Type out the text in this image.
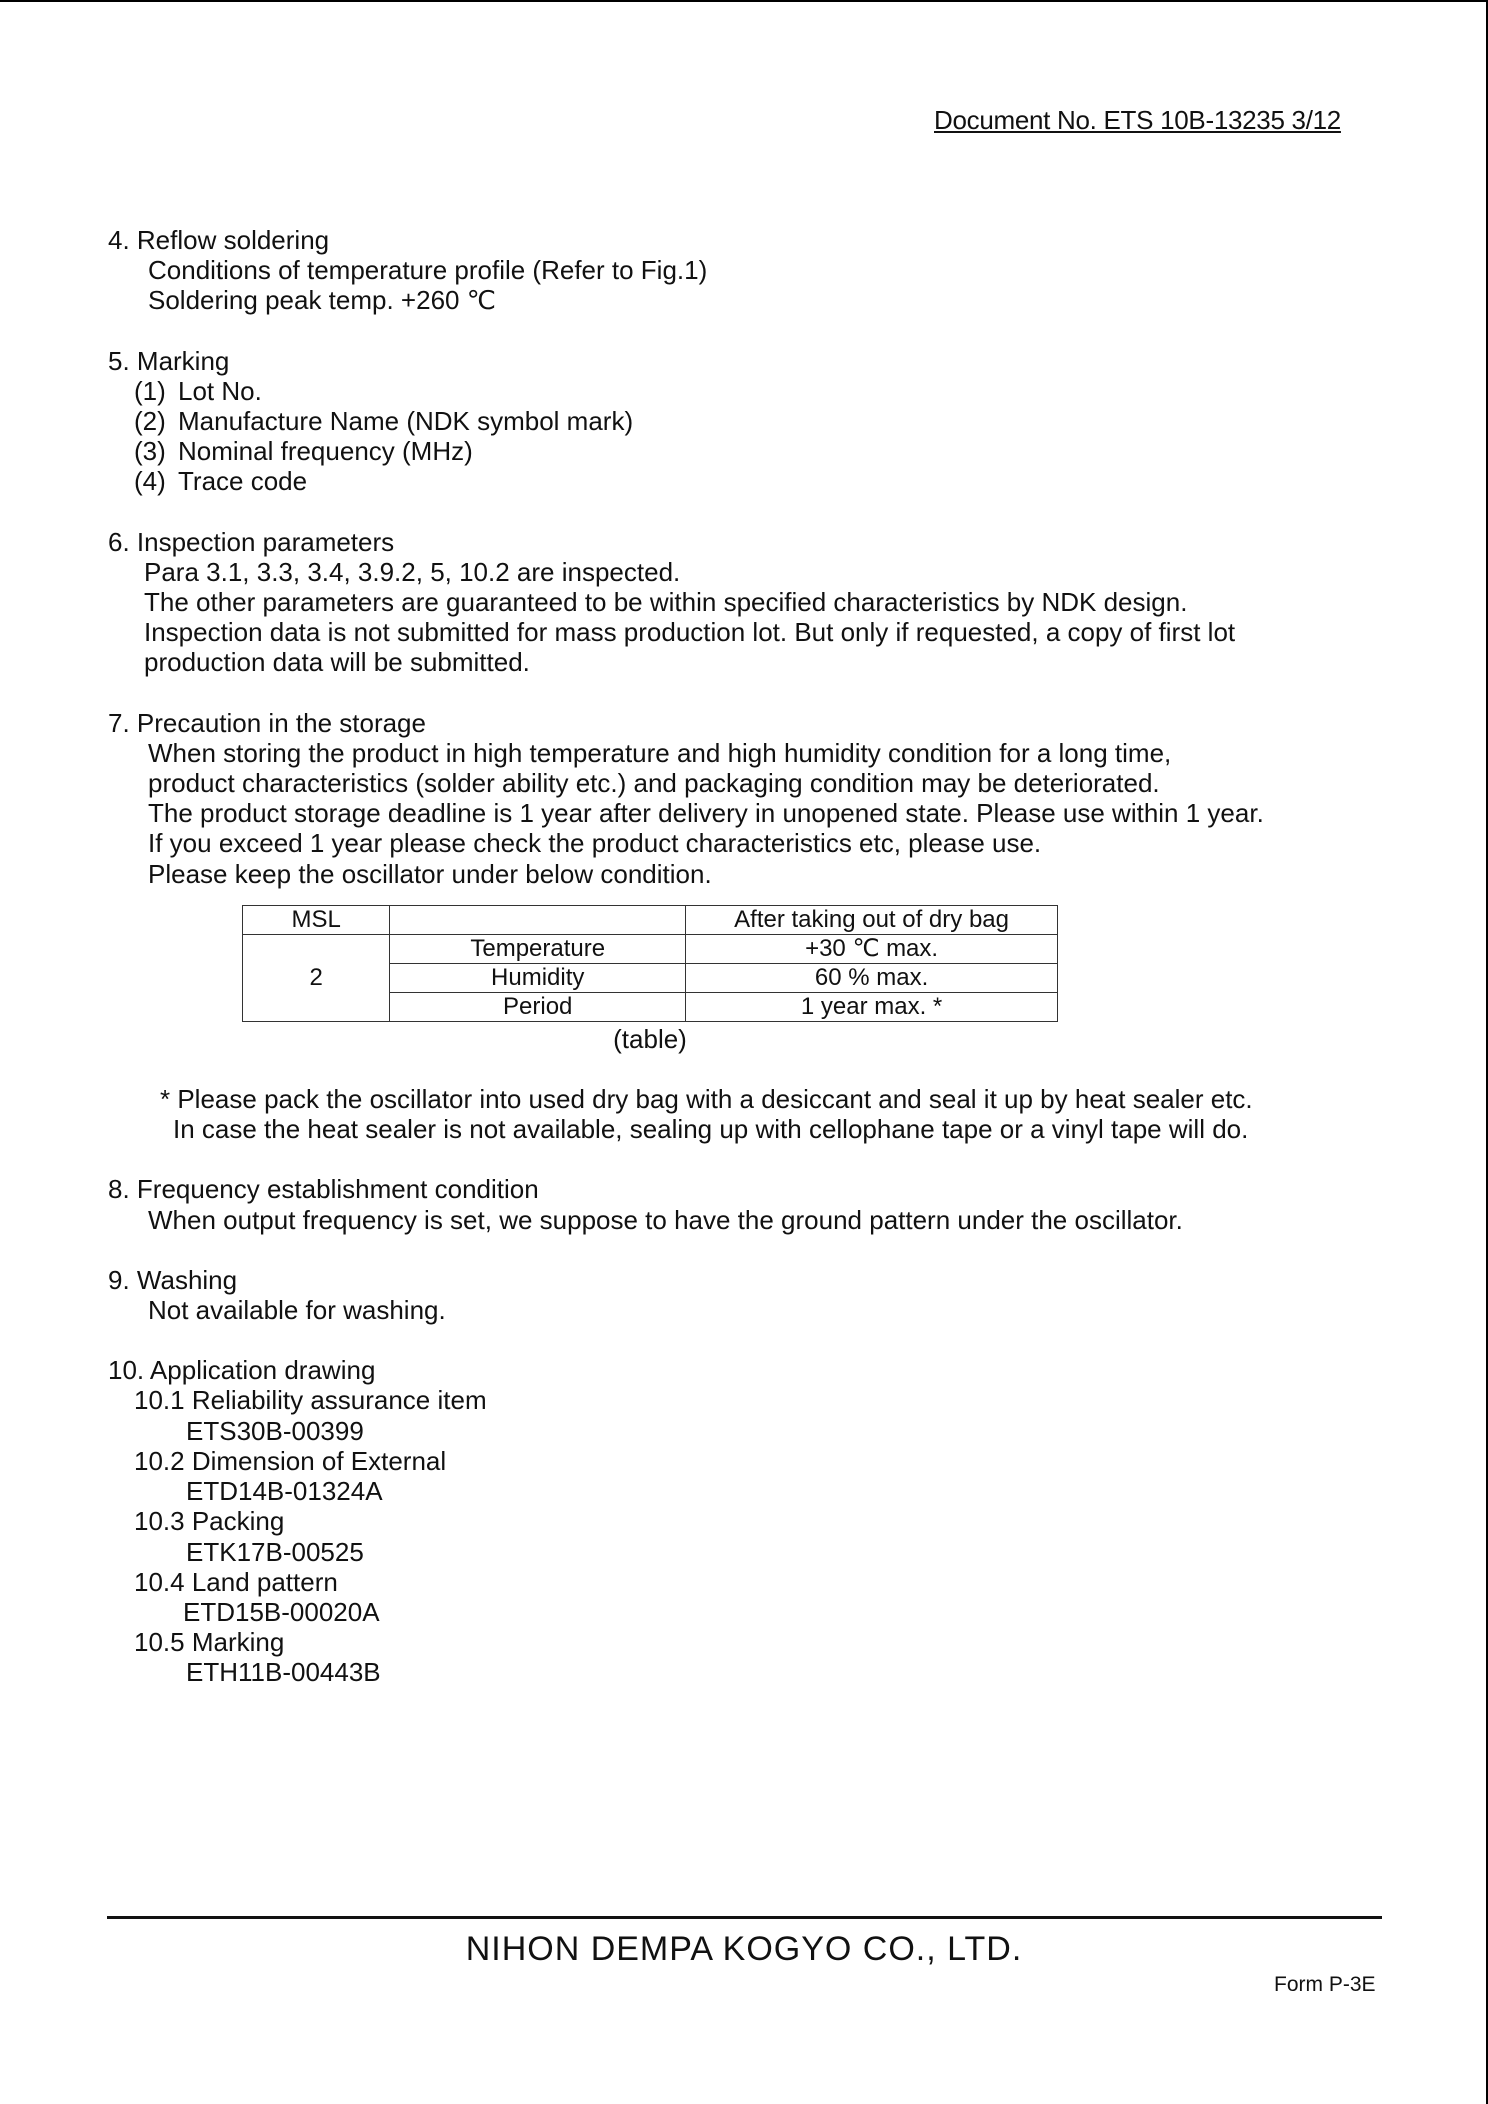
Document No. ETS 10B-13235 3/12
4. Reflow soldering
Conditions of temperature profile (Refer to Fig.1)
Soldering peak temp. +260 ℃
5. Marking
(1) Lot No.
(2) Manufacture Name (NDK symbol mark)
(3) Nominal frequency (MHz)
(4) Trace code
6. Inspection parameters
Para 3.1, 3.3, 3.4, 3.9.2, 5, 10.2 are inspected.
The other parameters are guaranteed to be within specified characteristics by NDK design.
Inspection data is not submitted for mass production lot. But only if requested, a copy of first lot
production data will be submitted.
7. Precaution in the storage
When storing the product in high temperature and high humidity condition for a long time,
product characteristics (solder ability etc.) and packaging condition may be deteriorated.
The product storage deadline is 1 year after delivery in unopened state. Please use within 1 year.
If you exceed 1 year please check the product characteristics etc, please use.
Please keep the oscillator under below condition.
MSL		After taking out of dry bag
2	Temperature	+30 ℃ max.
	Humidity	60 % max.
	Period	1 year max. *
(table)
* Please pack the oscillator into used dry bag with a desiccant and seal it up by heat sealer etc.
In case the heat sealer is not available, sealing up with cellophane tape or a vinyl tape will do.
8. Frequency establishment condition
When output frequency is set, we suppose to have the ground pattern under the oscillator.
9. Washing
Not available for washing.
10. Application drawing
10.1 Reliability assurance item
ETS30B-00399
10.2 Dimension of External
ETD14B-01324A
10.3 Packing
ETK17B-00525
10.4 Land pattern
ETD15B-00020A
10.5 Marking
ETH11B-00443B
NIHON DEMPA KOGYO CO., LTD.
Form P-3E
